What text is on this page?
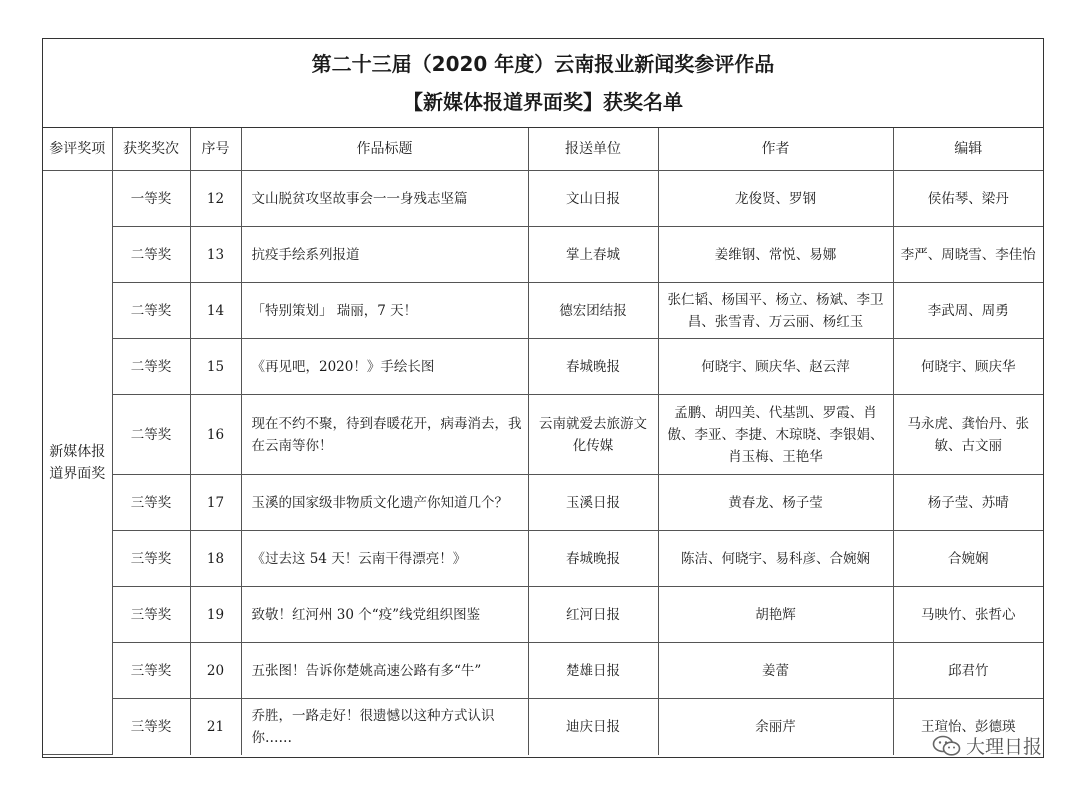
第二十三届（2020 年度）云南报业新闻奖参评作品
【新媒体报道界面奖】获奖名单
参评奖项	获奖奖次	序号	作品标题	报送单位	作者	编辑
新媒体报道界面奖	一等奖	12	文山脱贫攻坚故事会一一身残志坚篇	文山日报	龙俊贤、罗钢	侯佑琴、梁丹
	二等奖	13	抗疫手绘系列报道	掌上春城	姜维钢、常悦、易娜	李严、周晓雪、李佳怡
	二等奖	14	「特别策划」 瑞丽，7 天！	德宏团结报	张仁韬、杨国平、杨立、杨斌、李卫昌、张雪青、万云丽、杨红玉	李武周、周勇
	二等奖	15	《再见吧，2020！》手绘长图	春城晚报	何晓宇、顾庆华、赵云萍	何晓宇、顾庆华
	二等奖	16	现在不约不聚，待到春暖花开，病毒消去，我在云南等你！	云南就爱去旅游文化传媒	孟鹏、胡四美、代基凯、罗霞、肖傲、李亚、李捷、木琼晓、李银娟、肖玉梅、王艳华	马永虎、龚怡丹、张敏、古文丽
	三等奖	17	玉溪的国家级非物质文化遗产你知道几个？	玉溪日报	黄春龙、杨子莹	杨子莹、苏晴
	三等奖	18	《过去这 54 天！云南干得漂亮！》	春城晚报	陈洁、何晓宇、易科彦、合婉娴	合婉娴
	三等奖	19	致敬！红河州 30 个“疫”线党组织图鉴	红河日报	胡艳辉	马映竹、张哲心
	三等奖	20	五张图！告诉你楚姚高速公路有多“牛”	楚雄日报	姜蕾	邱君竹
	三等奖	21	乔胜，一路走好！很遗憾以这种方式认识你……	迪庆日报	余丽芹	王瑄怡、彭德瑛
大理日报
